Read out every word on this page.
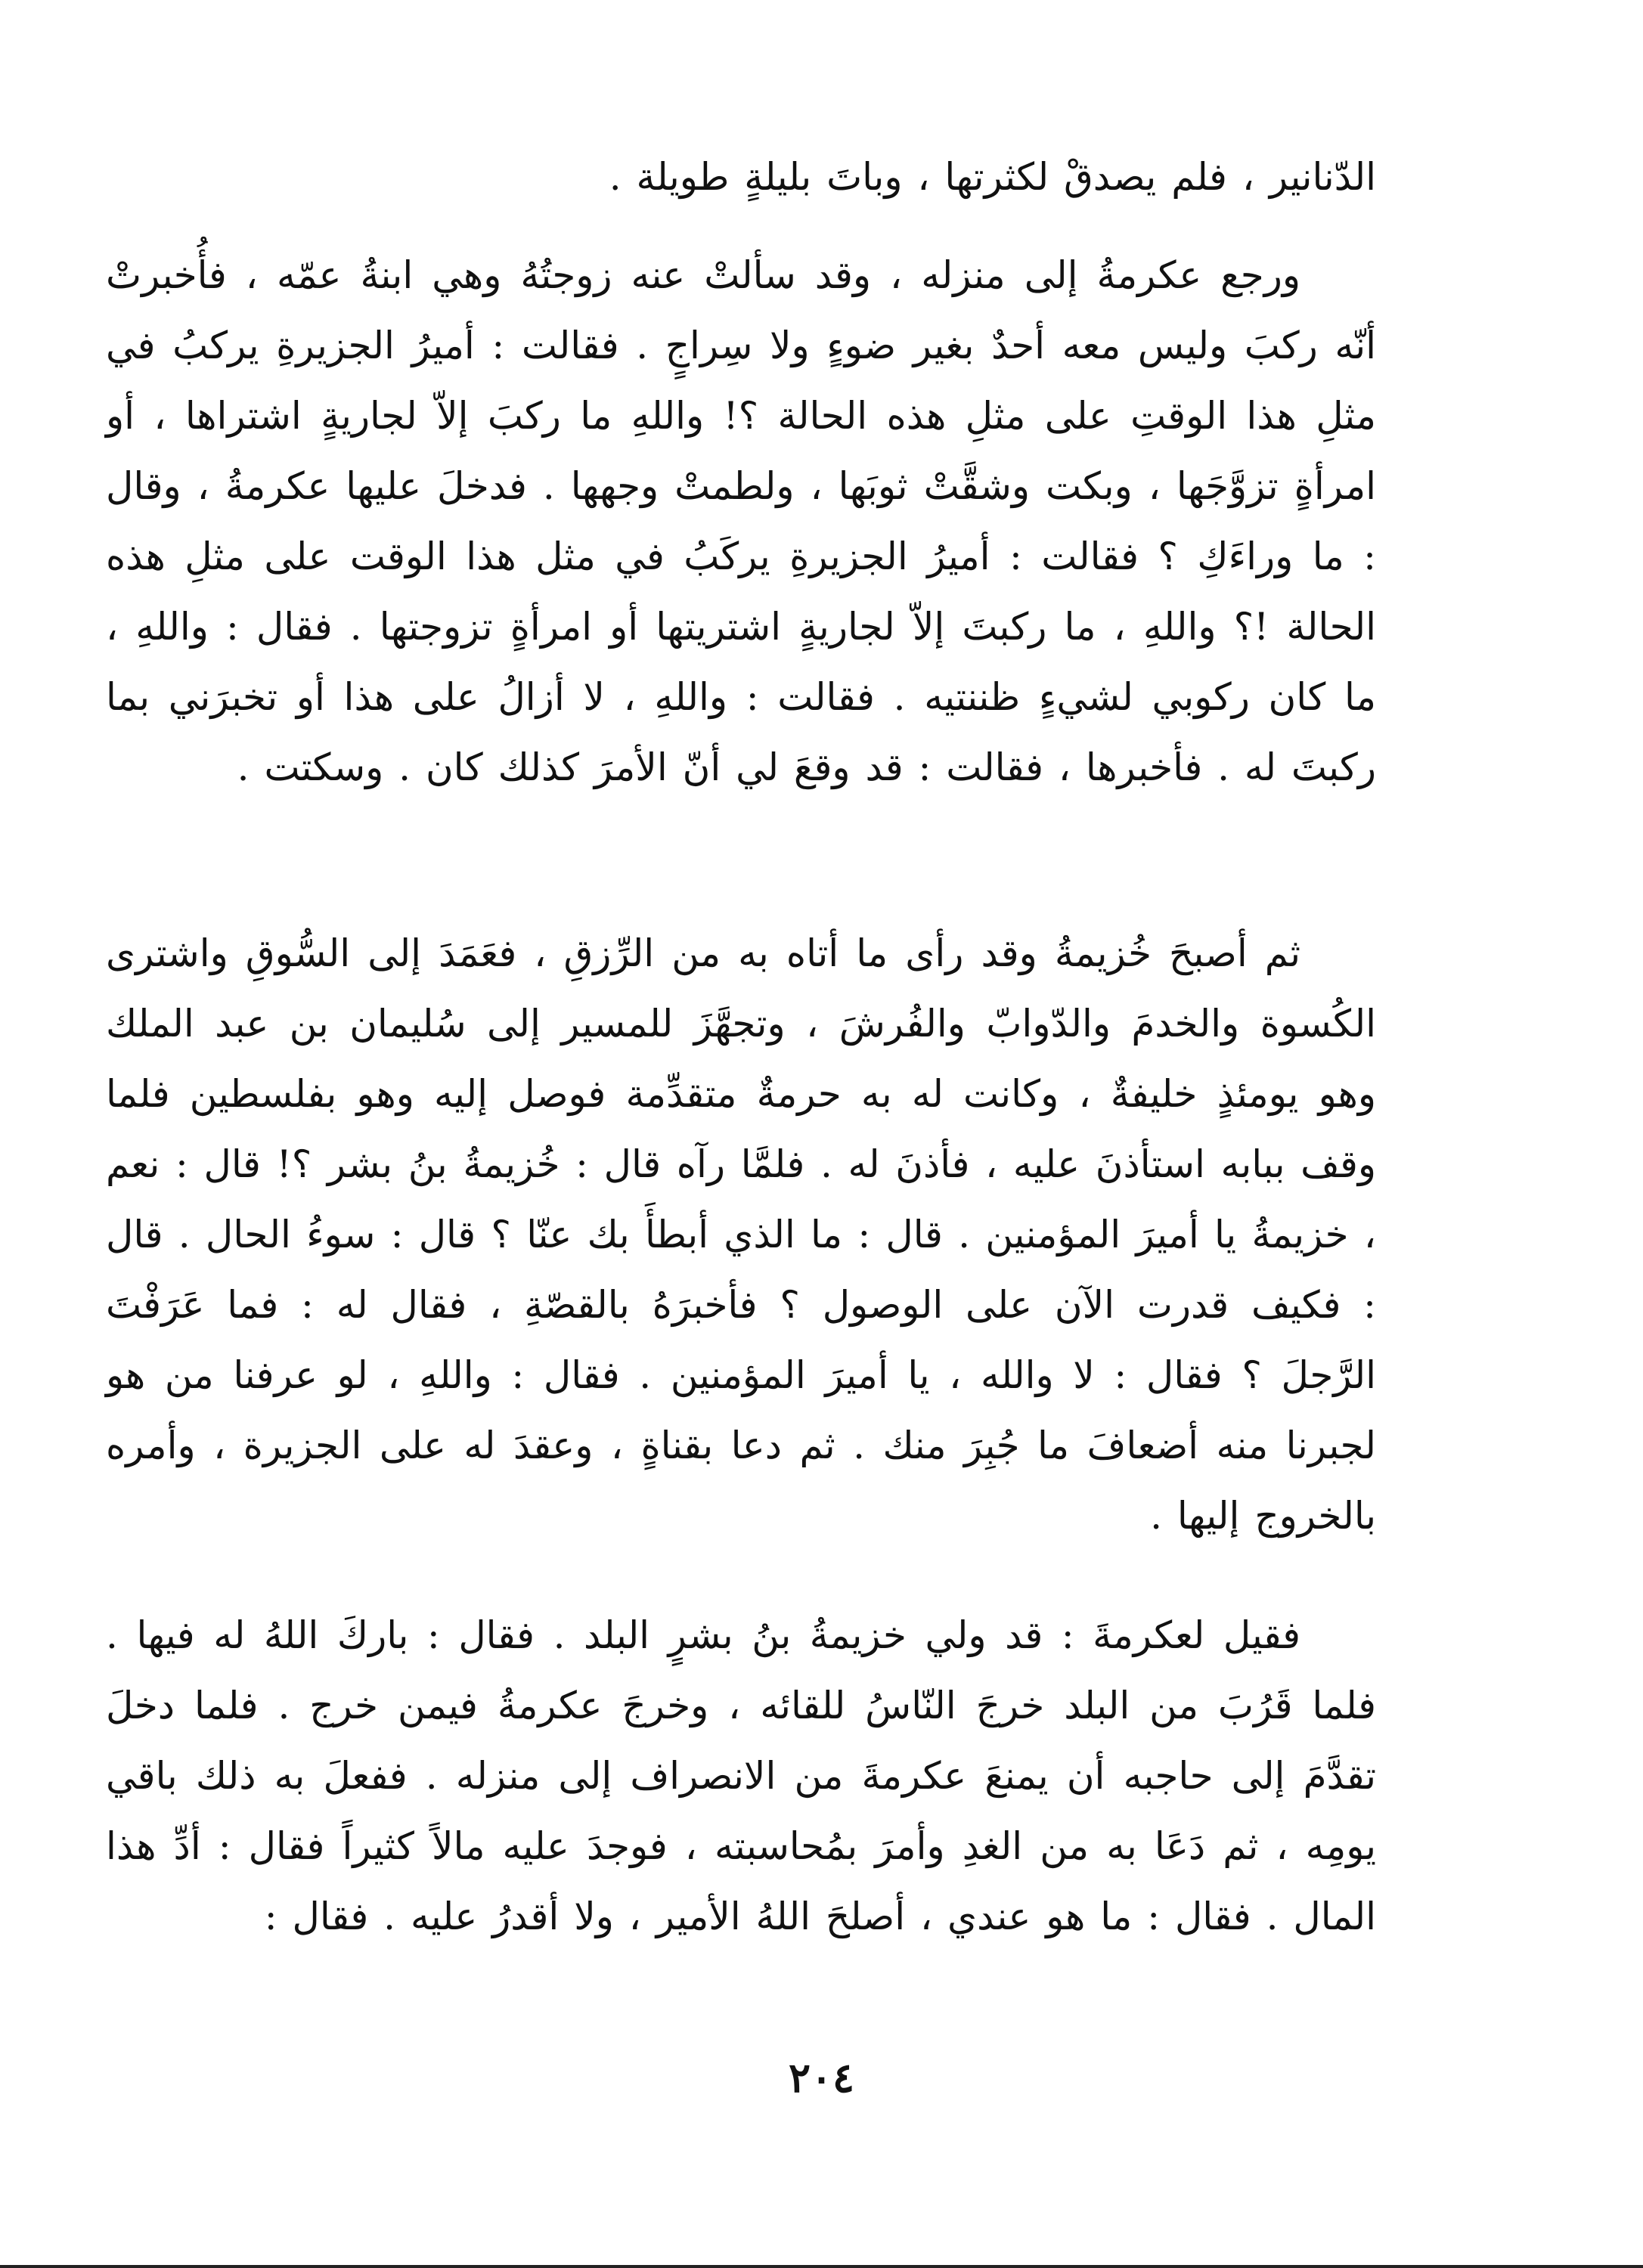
الدّنانير ، فلم يصدقْ لكثرتها ، وباتَ بليلةٍ طويلة .

ورجع عكرمةُ إلى منزله ، وقد سألتْ عنه زوجتُهُ وهي ابنةُ عمّه ، فأُخبرتْ أنّه ركبَ وليس معه أحدٌ بغير ضوءٍ ولا سِراجٍ . فقالت : أميرُ الجزيرةِ يركبُ في مثلِ هذا الوقتِ على مثلِ هذه الحالة ؟! واللهِ ما ركبَ إلاّ لجاريةٍ اشتراها ، أو امرأةٍ تزوَّجَها ، وبكت وشقَّتْ ثوبَها ، ولطمتْ وجهها . فدخلَ عليها عكرمةُ ، وقال : ما وراءَكِ ؟ فقالت : أميرُ الجزيرةِ يركَبُ في مثل هذا الوقت على مثلِ هذه الحالة !؟ واللهِ ، ما ركبتَ إلاّ لجاريةٍ اشتريتها أو امرأةٍ تزوجتها . فقال : واللهِ ، ما كان ركوبي لشيءٍ ظننتيه . فقالت : واللهِ ، لا أزالُ على هذا أو تخبرَني بما ركبتَ له . فأخبرها ، فقالت : قد وقعَ لي أنّ الأمرَ كذلك كان . وسكتت .

ثم أصبحَ خُزيمةُ وقد رأى ما أتاه به من الرِّزقِ ، فعَمَدَ إلى السُّوقِ واشترى الكُسوة والخدمَ والدّوابّ والفُرشَ ، وتجهَّزَ للمسير إلى سُليمان بن عبد الملك وهو يومئذٍ خليفةٌ ، وكانت له به حرمةٌ متقدِّمة فوصل إليه وهو بفلسطين فلما وقف ببابه استأذنَ عليه ، فأذنَ له . فلمَّا رآه قال : خُزيمةُ بنُ بشر ؟! قال : نعم ، خزيمةُ يا أميرَ المؤمنين . قال : ما الذي أبطأَ بك عنّا ؟ قال : سوءُ الحال . قال : فكيف قدرت الآن على الوصول ؟ فأخبرَهُ بالقصّةِ ، فقال له : فما عَرَفْتَ الرَّجلَ ؟ فقال : لا والله ، يا أميرَ المؤمنين . فقال : واللهِ ، لو عرفنا من هو لجبرنا منه أضعافَ ما جُبِرَ منك . ثم دعا بقناةٍ ، وعقدَ له على الجزيرة ، وأمره بالخروج إليها .

فقيل لعكرمةَ : قد ولي خزيمةُ بنُ بشرٍ البلد . فقال : باركَ اللهُ له فيها . فلما قَرُبَ من البلد خرجَ النّاسُ للقائه ، وخرجَ عكرمةُ فيمن خرج . فلما دخلَ تقدَّمَ إلى حاجبه أن يمنعَ عكرمةَ من الانصراف إلى منزله . ففعلَ به ذلك باقي يومِه ، ثم دَعَا به من الغدِ وأمرَ بمُحاسبته ، فوجدَ عليه مالاً كثيراً فقال : أدِّ هذا المال . فقال : ما هو عندي ، أصلحَ اللهُ الأمير ، ولا أقدرُ عليه . فقال :

٢٠٤
